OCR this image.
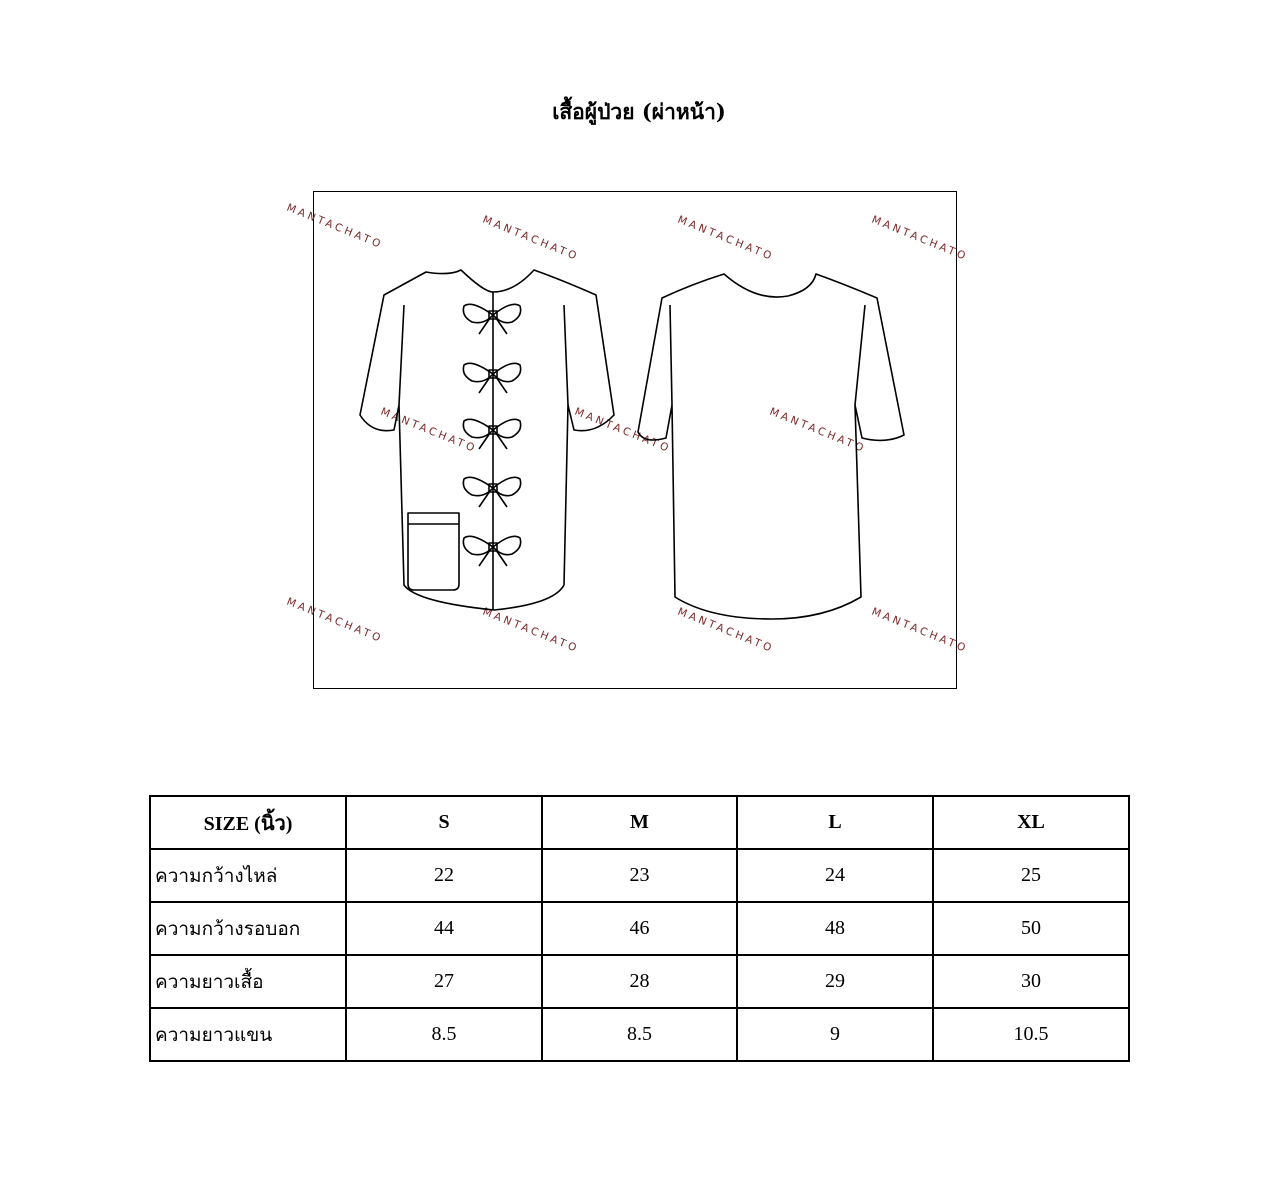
เสื้อผู้ป่วย (ผ่าหน้า)
MANTACHATO	MANTACHATO	MANTACHATO	MANTACHATO
MANTACHATO	MANTACHATO	MANTACHATO
MANTACHATO	MANTACHATO	MANTACHATO	MANTACHATO
SIZE (นิ้ว)	S	M	L	XL
ความกว้างไหล่	22	23	24	25
ความกว้างรอบอก	44	46	48	50
ความยาวเสื้อ	27	28	29	30
ความยาวแขน	8.5	8.5	9	10.5
